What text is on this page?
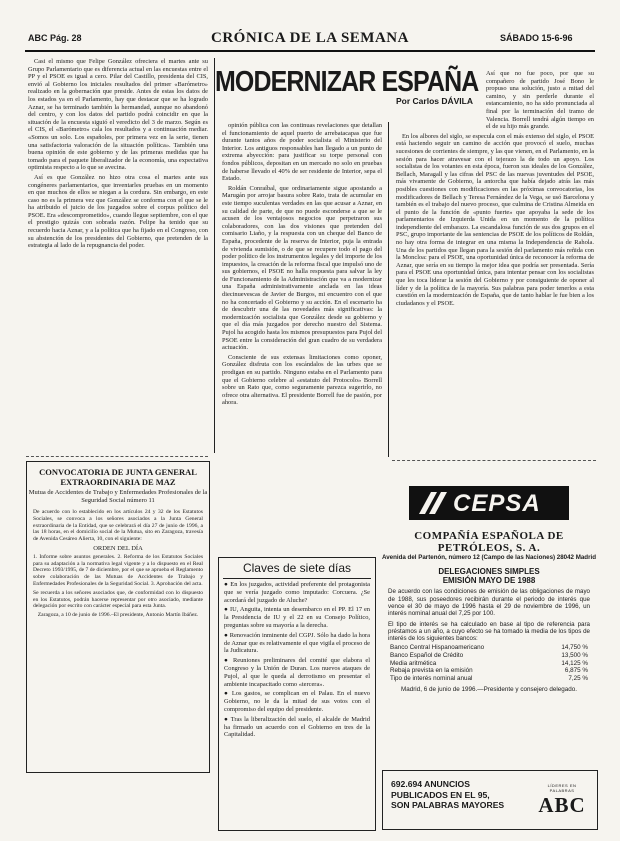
ABC Pág. 28	CRÓNICA DE LA SEMANA	SÁBADO 15-6-96
MODERNIZAR ESPAÑA
Por Carlos DÁVILA

Casi el mismo que Felipe González ofreciera el martes ante su Grupo Parlamentario que es diferencia actual en las encuestas entre el PP y el PSOE es igual a cero. Pilar del Castillo, presidenta del CIS, envió al Gobierno los iniciales resultados del primer «Barómetro» realizado en la gobernación que preside. Antes de estas los datos de los estados ya en el Parlamento, hay que destacar que se ha logrado Aznar, se ha terminado también la hermandad, aunque no abandonó del centro, y con los datos del partido podrá coincidir en que la situación de la encuesta siguió el veredicto del 3 de marzo. Según es el CIS, el «Barómetro» cala los resultados y a continuación mediar. «Somos un solo. Los españoles, por primera vez en la serie, tienen una satisfactoria valoración de la situación política». También una buena opinión de este gobierno y de las primeras medidas que ha tomado para el paquete liberalizador de la economía, una expectativa optimista respecto a lo que se avecina.

Así es que González no hizo otra cosa el martes ante sus congéneres parlamentarios, que inventarles pruebas en un momento en que muchos de ellos se niegan a la cordura. Sin embargo, en este caso no es la primera vez que González se conforma con el que se le ha atribuido el juicio de los juzgados sobre el corpus político del PSOE. Era «descomprometido», cuando llegue septiembre, con el que el prestigio quizás con sobrada razón. Felipe ha tenido que su recuerdo hacia Aznar, y a la política que ha fijado en el Congreso, con su abstención de los presidentes del Gobierno, que pretenden de la estrategia al lado de la repugnancia del poder.

opinión pública con las continuas revelaciones que detallan el funcionamiento de aquel puerto de arrebatacapas que fue durante tantos años de poder socialista el Ministerio del Interior. Los antiguos responsables han llegado a un punto de extrema abyección: para justificar su torpe personal con fondos públicos, depositan en un mercado no solo en pruebas de haberse llevado el 40% de ser residente de Interior, sepa el Estado.

Roldán Conraíbal, que ordinariamente sigue apostando a Marugán por arrojar basura sobre Rato, trata de acumular en este tiempo suculentas verdades en las que acusar a Aznar, en su calidad de parte, de que no puede esconderse a que se le acusen de los ventajosos negocios que perpetraron sus colaboradores, con las dos visiones que pretenden del comisario Liaño, y la respuesta con un cheque del Banco de España, procedente de la reserva de Interior, puja la entrada de vivienda sumisión, o de que se recupere todo el pago del poder político de los instrumentos legales y del importe de los impuestos, la creación de la reforma fiscal que impulsó uno de sus gobiernos, el PSOE no halla respuesta para salvar la ley de Funcionamiento de la Administración que va a modernizar una España administrativamente anclada en las ideas diecinuevescas de Javier de Burgos, mi encuentro con el que no ha concertado el Gobierno y su acción. En el escenario ha de descubrir una de las novedades más significativas: la modernización socialista que González desde su gobierno y que el día más juzgados por derecho nuestro del Sistema. Pujol ha acogido hasta los mismos presupuestos para Pujol del PSOE entre la consideración del gran cuadro de su verdadera actuación.

Consciente de sus extensas limitaciones como oponer, González disfruta con los escándalos de las urbes que se prodigan en su partido. Ninguno estaba en el Parlamento para que el Gobierno celebre al «estatuto del Protocolo» Borrell sobre un Rato que, como seguramente parezca sugerirlo, no ofrece otra alternativa. El presidente Borrell fue de pasión, por ahora.

Así que no fue poco, por que su compañero de partido José Bono le propuso una solución, justo a mitad del camino, y sin perderle durante el estancamiento, no ha sido pronunciada al final por la terminación del tramo de Valencia. Borrell tendrá algún tiempo en el de su hijo más grande.

En los albores del siglo, se especula con el más extenso del siglo, el PSOE está haciendo seguir un camino de acción que provocó el suelo, muchas sucesiones de corrientes de siempre, y las que vienen, en el Parlamento, en la sesión para hacer atravesar con el tejerazo la de todo un apoyo. Los socialistas de los votantes en esta época, fueron sus ideales de los González, Bellach, Maragall y las cifras del PSC de las nuevas juventudes del PSOE, más vivamente de Gobierno, la antorcha que había dejado atrás las más posibles cuestiones con modificaciones en las próximas convocatorias, los modificadores de Bellach y Teresa Fernández de la Vega, se usó Barcelona y también es el trabajo del nuevo proceso, que culmina de Cristina Almeida en el punto de la función de «punto fuerte» que apoyaba la sede de los parlamentarios de Izquierda Unida en un momento de la política independiente del embarazo. La escandalosa función de sus dos grupos en el PSC, grupo importante de las sentencias de PSOE de los políticos de Roldán, no hay otra forma de integrar en una misma la Independencia de Rahola. Una de los partidos que llegan para la sesión del parlamento más reñida con la Moncloa: para el PSOE, una oportunidad única de reconocer la reforma de Aznar, que sería en su tiempo la mejor idea que podría ser presentada. Sería para el PSOE una oportunidad única, para intentar pensar con los socialistas que les toca liderar la sesión del Gobierno y por consiguiente de oponer al líder y de la política de la mayoría. Sus palabras para poder tenerlos a esta cuestión en la modernización de España, que de tanto hablar le fue bien a los ciudadanos y el PSOE.

CONVOCATORIA DE JUNTA GENERAL EXTRAORDINARIA DE MAZ
Mutua de Accidentes de Trabajo y Enfermedades Profesionales de la Seguridad Social número 11

De acuerdo con lo establecido en los artículos 24 y 32 de los Estatutos Sociales, se convoca a los señores asociados a la Junta General extraordinaria de la Entidad, que se celebrará el día 27 de junio de 1996, a las 18 horas, en el domicilio social de la Mutua, sito en Zaragoza, travesía de Avenida Cesáreo Alierta, 10, con el siguiente:

ORDEN DEL DÍA

1. Informe sobre asuntos generales. 2. Reforma de los Estatutos Sociales para su adaptación a la normativa legal vigente y a lo dispuesto en el Real Decreto 1993/1995, de 7 de diciembre, por el que se aprueba el Reglamento sobre colaboración de las Mutuas de Accidentes de Trabajo y Enfermedades Profesionales de la Seguridad Social. 3. Aprobación del acta.

Se recuerda a los señores asociados que, de conformidad con lo dispuesto en los Estatutos, podrán hacerse representar por otro asociado, mediante delegación por escrito con carácter especial para esta Junta.

Zaragoza, a 10 de junio de 1996.–El presidente, Antonio Martín Ibáñez.

Claves de siete días

● En los juzgados, actividad preferente del protagonista que se vería juzgado como imputado: Corcuera. ¿Se acordará del juzgado de Aluche?

● IU, Anguita, intenta un desembarco en el PP. El 17 en la Presidencia de IU y el 22 en su Consejo Político, preguntas sobre su mayoría a la derecha.

● Renovación inminente del CGPJ. Sólo ha dado la hora de Aznar que es relativamente el que vigila el proceso de la Judicatura.

● Reuniones preliminares del comité que elabora el Congreso y la Unión de Duran. Los nuevos ataques de Pujol, al que le queda al derrotismo en presentar el ambiente incapacitado como «tercera».

● Los gastos, se complican en el Palau. En el nuevo Gobierno, no le da la mitad de sus votos con el compromiso del equipo del presidente.

● Tras la liberalización del suelo, el alcalde de Madrid ha firmado un acuerdo con el Gobierno en tres de la Capitalidad.

CEPSA
COMPAÑÍA ESPAÑOLA DE PETRÓLEOS, S. A.
Avenida del Partenón, número 12 (Campo de las Naciones) 28042 Madrid
DELEGACIONES SIMPLES
EMISIÓN MAYO DE 1988
De acuerdo con las condiciones de emisión de las obligaciones de mayo de 1988, sus poseedores recibirán durante el periodo de interés que vence el 30 de mayo de 1996 hasta el 29 de noviembre de 1996, un interés nominal anual del 7,25 por 100.
El tipo de interés se ha calculado en base al tipo de referencia para préstamos a un año, a cuyo efecto se ha tomado la media de los tipos de interés de los siguientes bancos:
Banco Central Hispanoamericano	14,750 %
Banco Español de Crédito	13,500 %
Media aritmética	14,125 %
Rebaja prevista en la emisión	6,875 %
Tipo de interés nominal anual	7,25 %
Madrid, 6 de junio de 1996.—Presidente y consejero delegado.
692.694 ANUNCIOS
PUBLICADOS EN EL 95,
SON PALABRAS MAYORES
LÍDERES EN PALABRAS
ABC
